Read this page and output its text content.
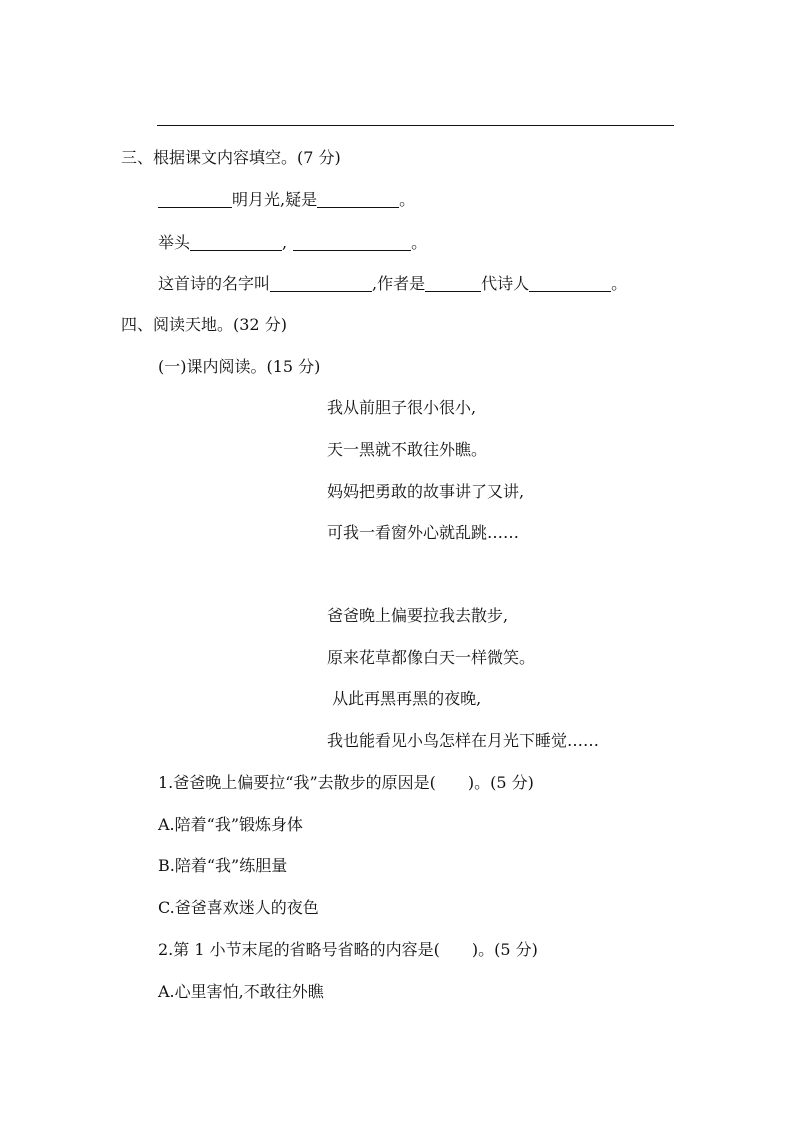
三、根据课文内容填空。(7 分)
明月光,疑是	。
举头	,	。
这首诗的名字叫	,作者是	代诗人	。
四、阅读天地。(32 分)
(一)课内阅读。(15 分)
我从前胆子很小很小,
天一黑就不敢往外瞧。
妈妈把勇敢的故事讲了又讲,
可我一看窗外心就乱跳……
爸爸晚上偏要拉我去散步,
原来花草都像白天一样微笑。
从此再黑再黑的夜晚,
我也能看见小鸟怎样在月光下睡觉……
1.爸爸晚上偏要拉“我”去散步的原因是(　　)。(5 分)
A.陪着“我”锻炼身体
B.陪着“我”练胆量
C.爸爸喜欢迷人的夜色
2.第 1 小节末尾的省略号省略的内容是(　　)。(5 分)
A.心里害怕,不敢往外瞧
